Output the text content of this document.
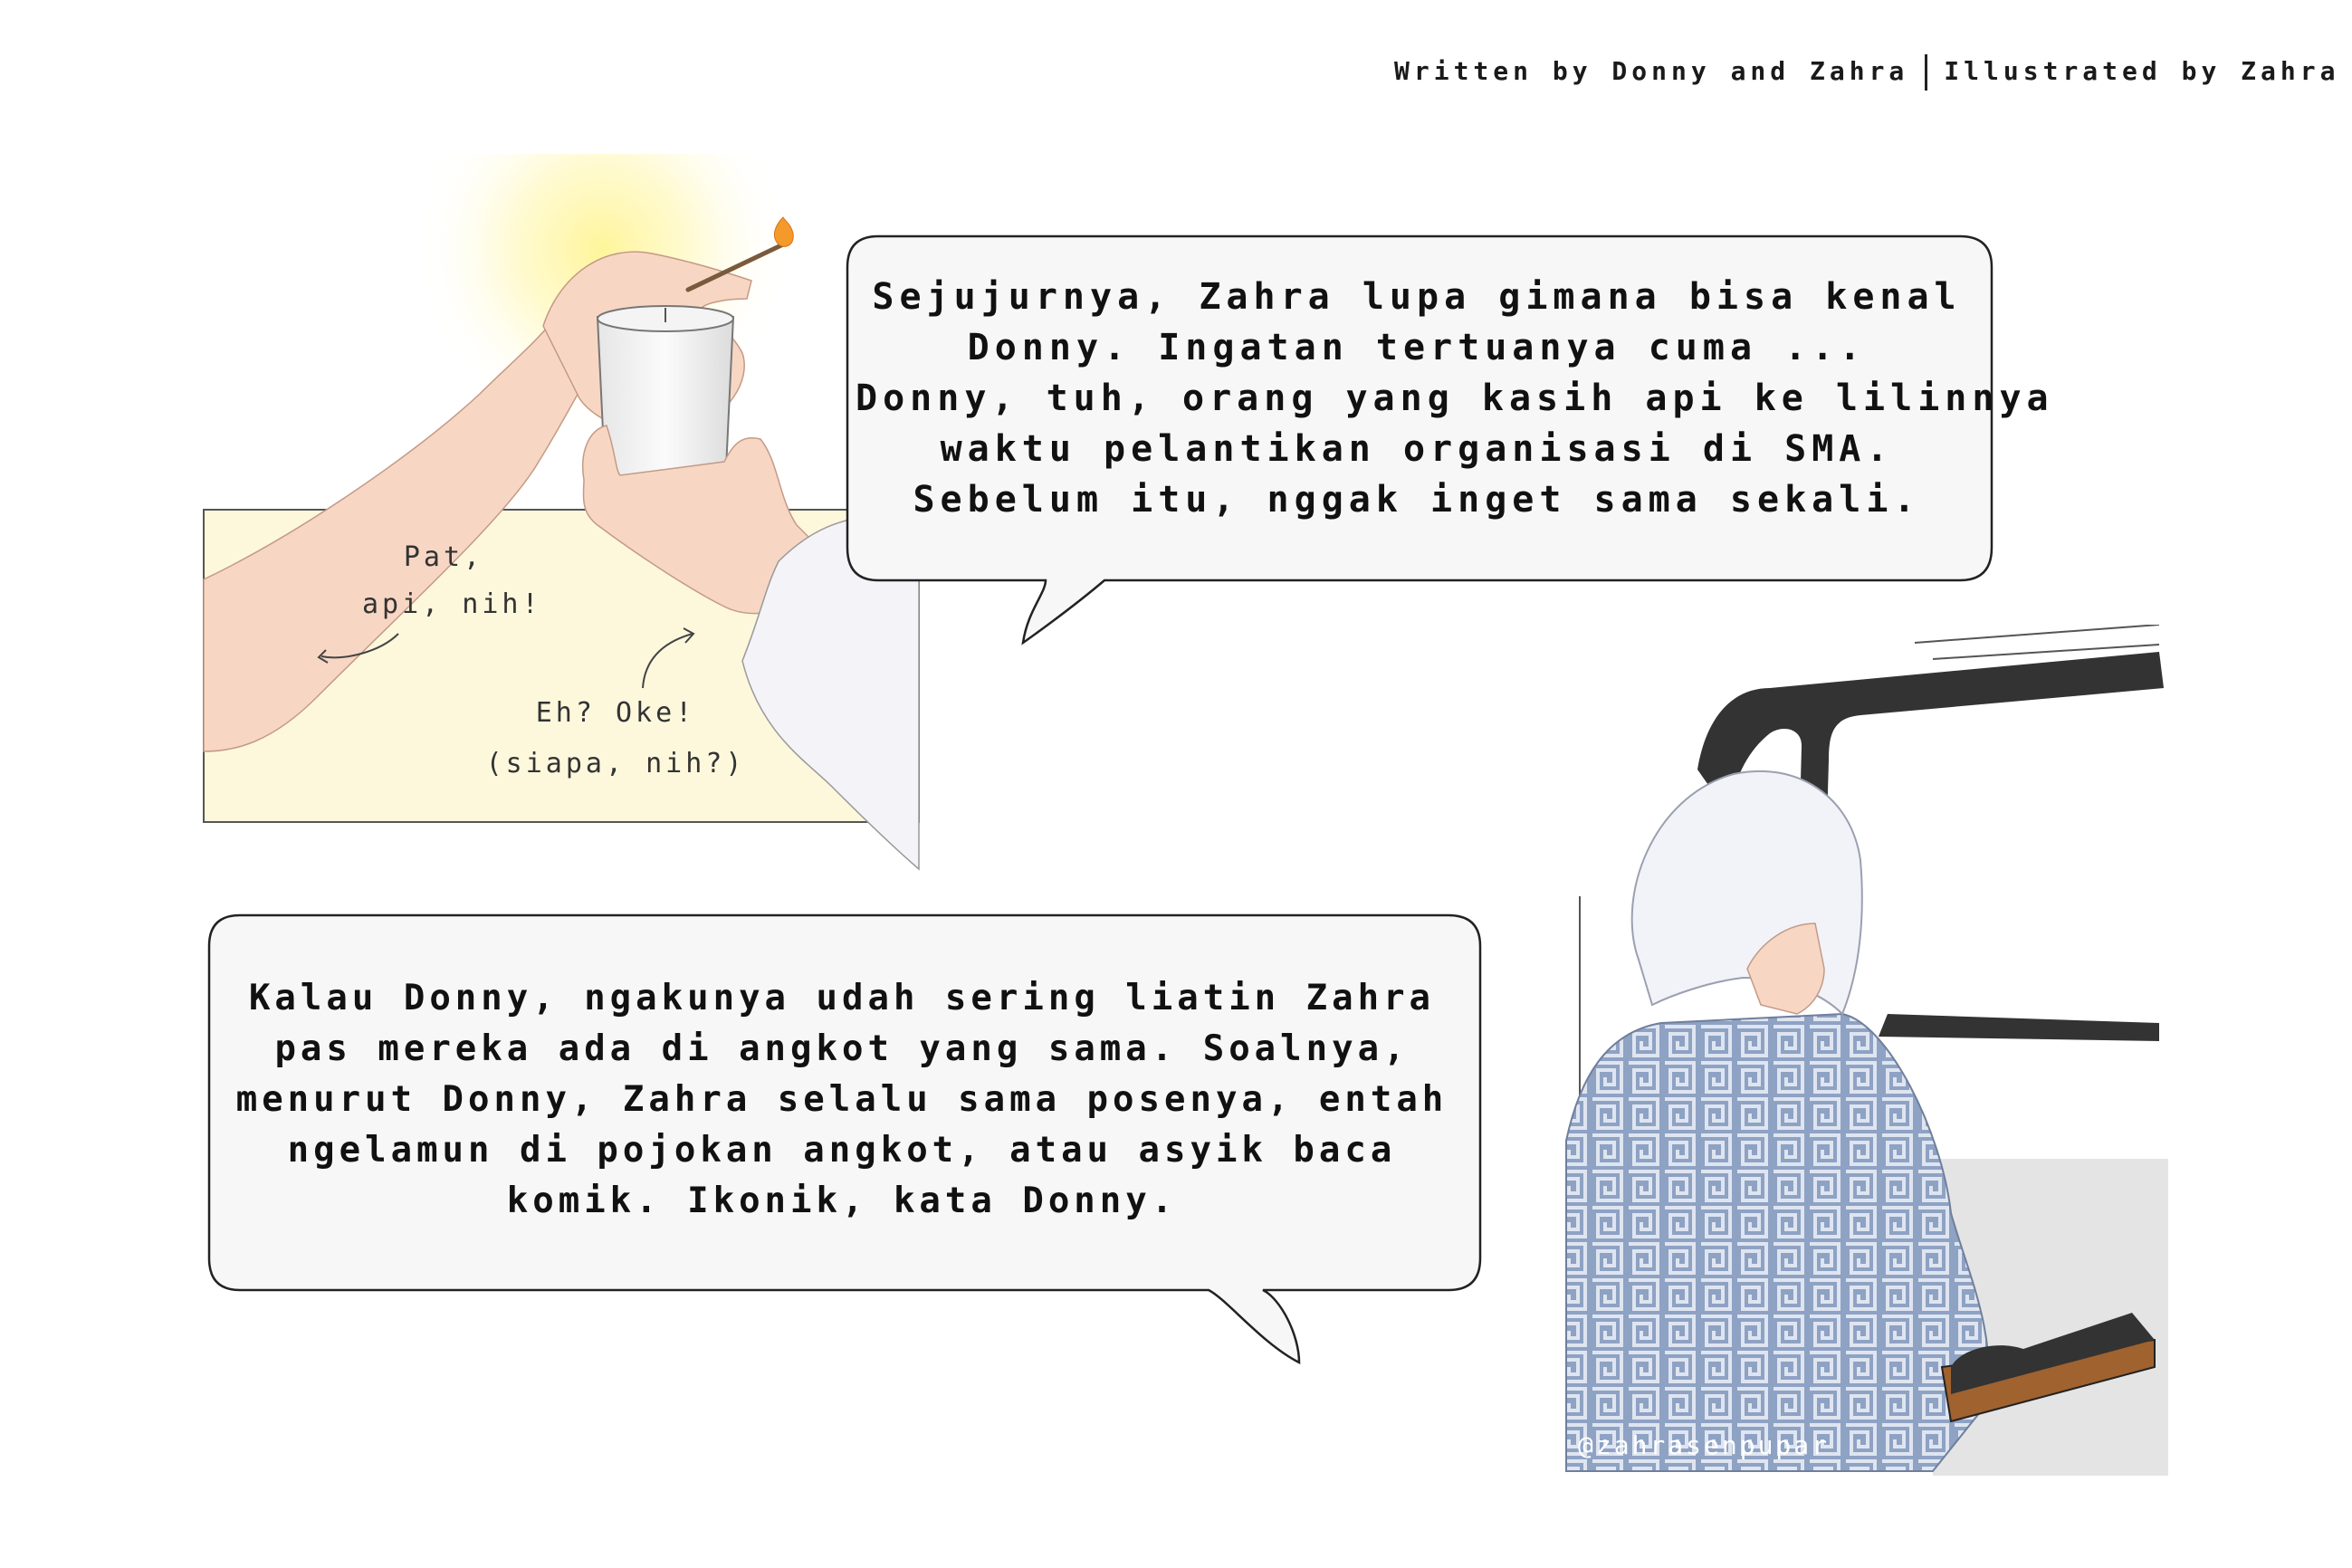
Written by Donny and Zahra Illustrated by Zahra
Pat,
api, nih!
Eh? Oke!
(siapa, nih?)
Sejujurnya, Zahra lupa gimana bisa kenal
Donny. Ingatan tertuanya cuma ...
Donny, tuh, orang yang kasih api ke lilinnya
waktu pelantikan organisasi di SMA.
Sebelum itu, nggak inget sama sekali.
Kalau Donny, ngakunya udah sering liatin Zahra
pas mereka ada di angkot yang sama. Soalnya,
menurut Donny, Zahra selalu sama posenya, entah
ngelamun di pojokan angkot, atau asyik baca
komik. Ikonik, kata Donny.
@zahrasenpupar
